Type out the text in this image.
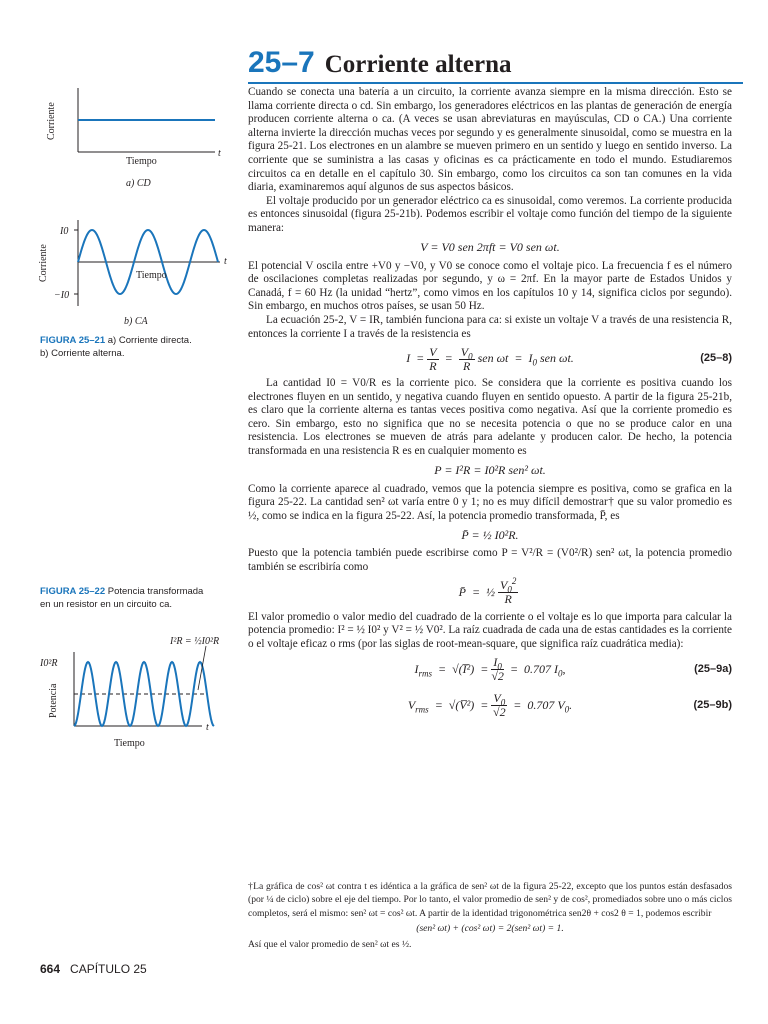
25–7 Corriente alterna
Corriente
Tiempo
t
a) CD
Corriente
I0
−I0
Tiempo
t
b) CA
FIGURA 25–21 a) Corriente directa. b) Corriente alterna.
FIGURA 25–22 Potencia transformada en un resistor en un circuito ca.
Potencia
I0²R
I²R = ½I0²R
Tiempo
t

Cuando se conecta una batería a un circuito, la corriente avanza siempre en la misma dirección. Esto se llama corriente directa o cd. Sin embargo, los generadores eléctricos en las plantas de generación de energía producen corriente alterna o ca. (A veces se usan abreviaturas en mayúsculas, CD o CA.) Una corriente alterna invierte la dirección muchas veces por segundo y es generalmente sinusoidal, como se muestra en la figura 25-21. Los electrones en un alambre se mueven primero en un sentido y luego en sentido inverso. La corriente que se suministra a las casas y oficinas es ca prácticamente en todo el mundo. Estudiaremos circuitos ca en detalle en el capítulo 30. Sin embargo, como los circuitos ca son tan comunes en la vida diaria, examinaremos aquí algunos de sus aspectos básicos.

El voltaje producido por un generador eléctrico ca es sinusoidal, como veremos. La corriente producida es entonces sinusoidal (figura 25-21b). Podemos escribir el voltaje como función del tiempo de la siguiente manera:

V = V0 sen 2πft = V0 sen ωt.

El potencial V oscila entre +V0 y −V0, y V0 se conoce como el voltaje pico. La frecuencia f es el número de oscilaciones completas realizadas por segundo, y ω = 2πf. En la mayor parte de Estados Unidos y Canadá, f = 60 Hz (la unidad “hertz”, como vimos en los capítulos 10 y 14, significa ciclos por segundo). Sin embargo, en muchos otros países, se usan 50 Hz.

La ecuación 25-2, V = IR, también funciona para ca: si existe un voltaje V a través de una resistencia R, entonces la corriente I a través de la resistencia es

$I = \frac{V}{R} = \frac{V_0}{R}$ sen $\omega t = I_0$ sen ωt.	(25–8)

La cantidad I0 = V0/R es la corriente pico. Se considera que la corriente es positiva cuando los electrones fluyen en un sentido, y negativa cuando fluyen en sentido opuesto. A partir de la figura 25-21b, es claro que la corriente alterna es tantas veces positiva como negativa. Así que la corriente promedio es cero. Sin embargo, esto no significa que no se necesita potencia o que no se produce calor en una resistencia. Los electrones se mueven de atrás para adelante y producen calor. De hecho, la potencia transformada en una resistencia R es en cualquier momento es

P = I²R = I0²R sen² ωt.

Como la corriente aparece al cuadrado, vemos que la potencia siempre es positiva, como se grafica en la figura 25-22. La cantidad sen² ωt varía entre 0 y 1; no es muy difícil demostrar† que su valor promedio es ½, como se indica en la figura 25-22. Así, la potencia promedio transformada, P̄, es

P̄ = ½ I0²R.

Puesto que la potencia también puede escribirse como P = V²/R = (V0²/R) sen² ωt, la potencia promedio también se escribiría como

P̄  =  ½ $\frac{V_0^2}{R}$

El valor promedio o valor medio del cuadrado de la corriente o el voltaje es lo que importa para calcular la potencia promedio: I² = ½ I0² y V² = ½ V0². La raíz cuadrada de cada una de estas cantidades es la corriente o el voltaje eficaz o rms (por las siglas de root-mean-square, que significa raíz cuadrática media):

$I_{rms}$  =  √(I̅²)  = $\frac{I_0}{√2} = 0.707$ $I_0$,	(25–9a)
$V_{rms}$  =  √(V̅²)  = $\frac{V_0}{√2} = 0.707$ $V_0$.	(25–9b)
†La gráfica de cos² ωt contra t es idéntica a la gráfica de sen² ωt de la figura 25-22, excepto que los puntos están desfasados (por ¼ de ciclo) sobre el eje del tiempo. Por lo tanto, el valor promedio de sen² y de cos², promediados sobre uno o más ciclos completos, será el mismo: sen² ωt = cos² ωt. A partir de la identidad trigonométrica sen2θ + cos2 θ = 1, podemos escribir
(sen² ωt) + (cos² ωt) = 2(sen² ωt) = 1.
Así que el valor promedio de sen² ωt es ½.
664 CAPÍTULO 25
